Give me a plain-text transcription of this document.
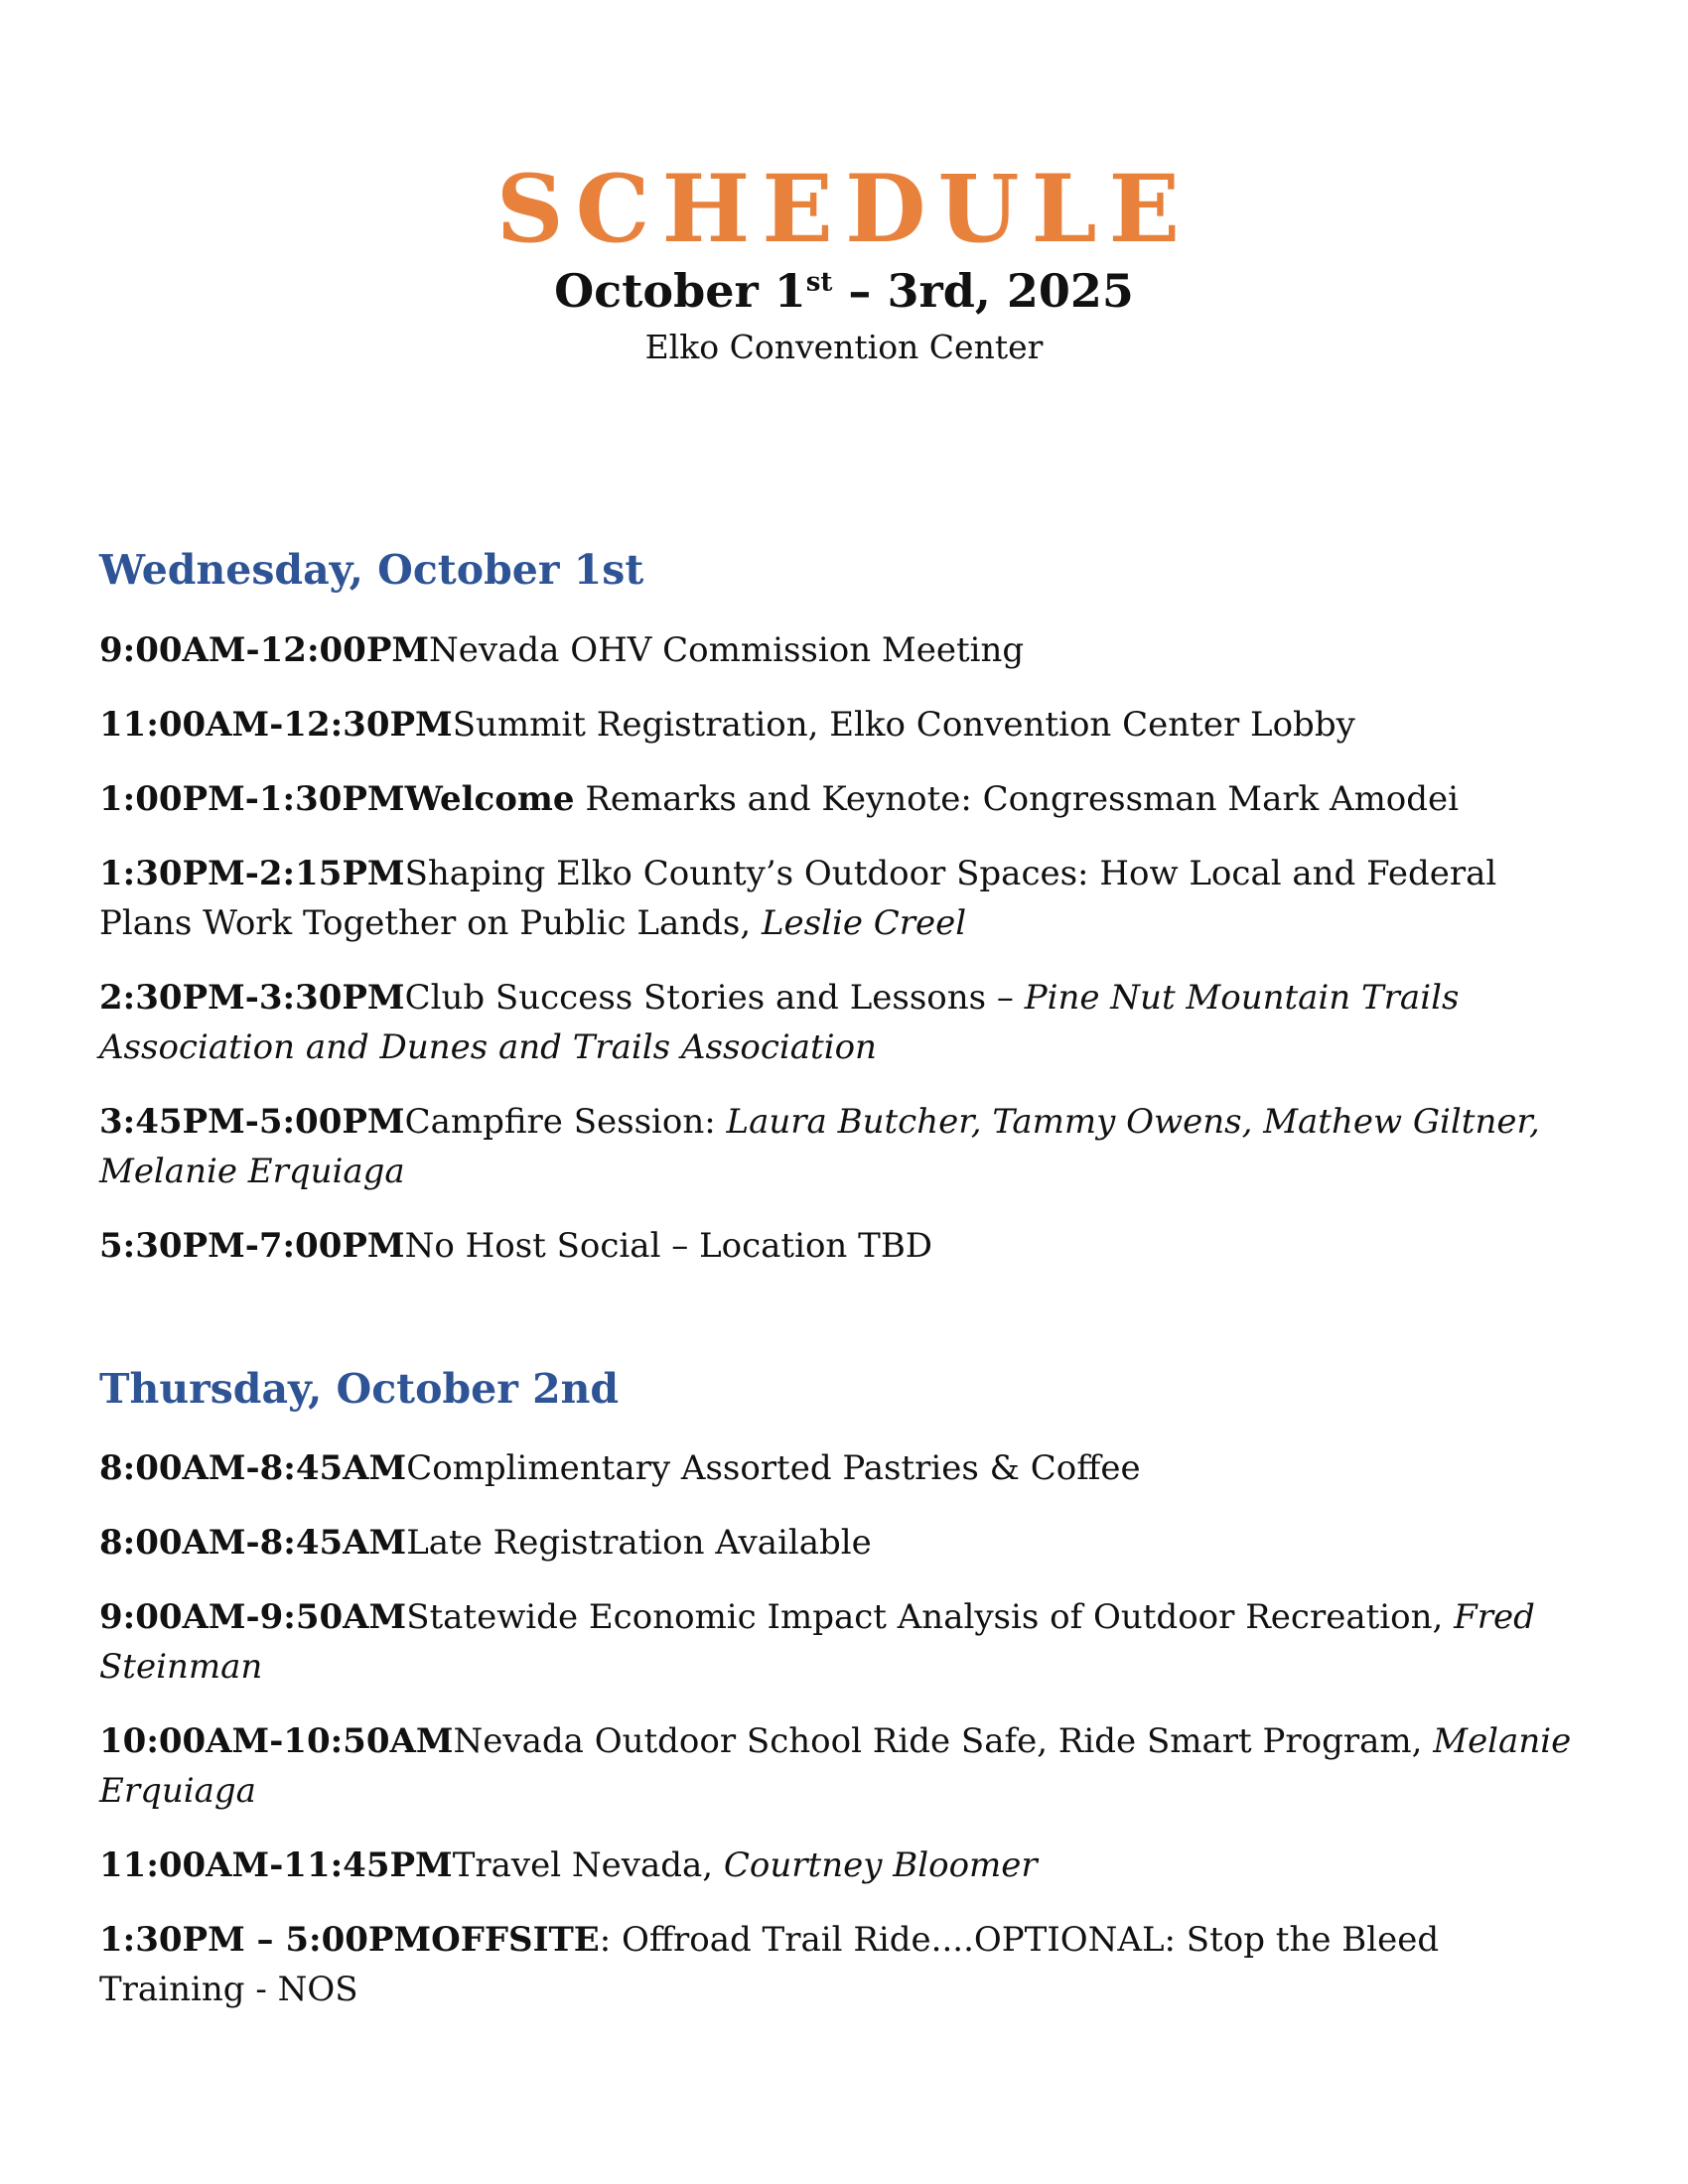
SCHEDULE
October 1st – 3rd, 2025
Elko Convention Center
Wednesday, October 1st

9:00AM-12:00PMNevada OHV Commission Meeting

11:00AM-12:30PMSummit Registration, Elko Convention Center Lobby

1:00PM-1:30PMWelcome Remarks and Keynote: Congressman Mark Amodei

1:30PM-2:15PMShaping Elko County’s Outdoor Spaces: How Local and Federal Plans Work Together on Public Lands, Leslie Creel

2:30PM-3:30PMClub Success Stories and Lessons – Pine Nut Mountain Trails Association and Dunes and Trails Association

3:45PM-5:00PMCampfire Session: Laura Butcher, Tammy Owens, Mathew Giltner, Melanie Erquiaga

5:30PM-7:00PMNo Host Social – Location TBD

Thursday, October 2nd

8:00AM-8:45AMComplimentary Assorted Pastries & Coffee

8:00AM-8:45AMLate Registration Available

9:00AM-9:50AMStatewide Economic Impact Analysis of Outdoor Recreation, Fred Steinman

10:00AM-10:50AMNevada Outdoor School Ride Safe, Ride Smart Program, Melanie Erquiaga

11:00AM-11:45PMTravel Nevada, Courtney Bloomer

1:30PM – 5:00PMOFFSITE: Offroad Trail Ride....OPTIONAL: Stop the Bleed Training - NOS
